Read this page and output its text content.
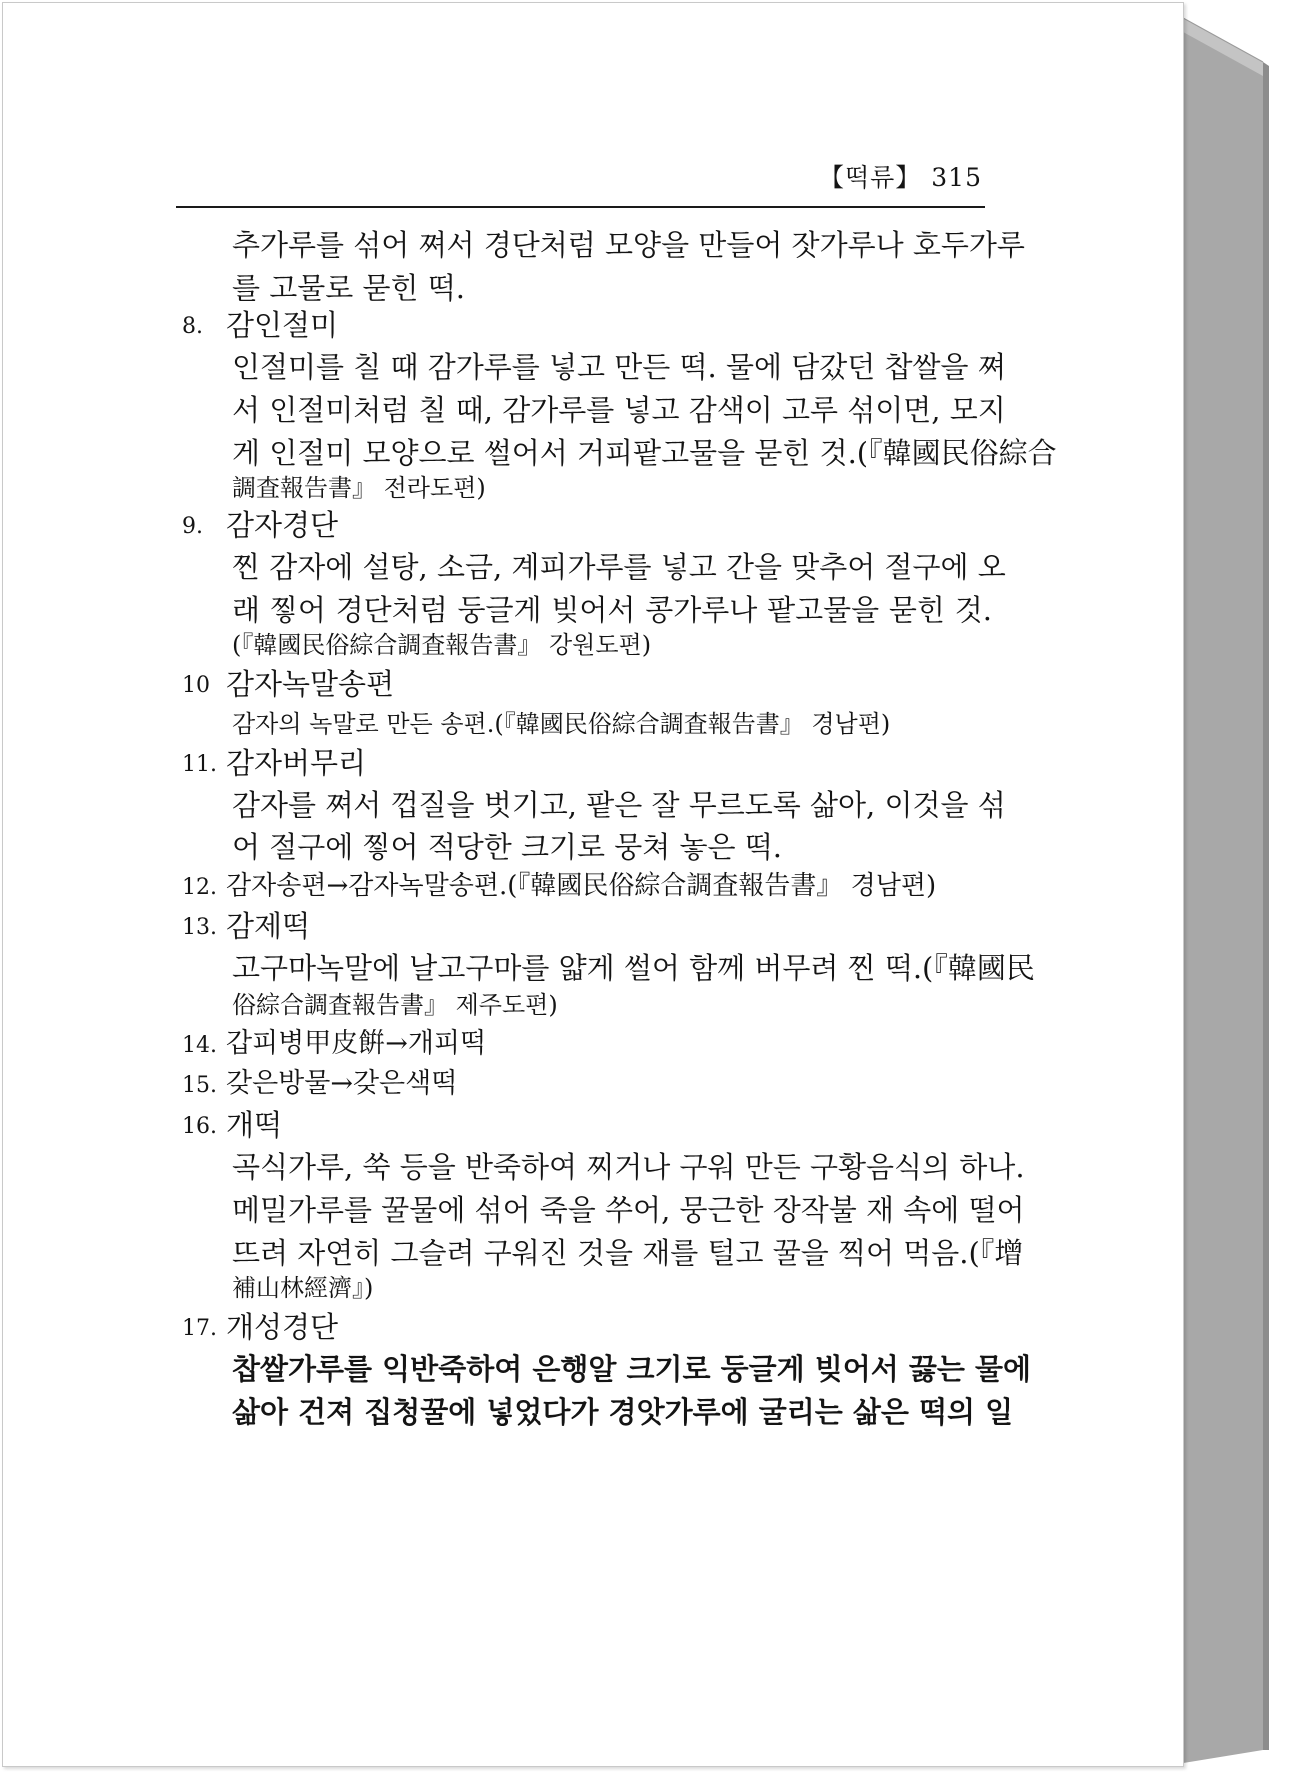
【떡류】 315
추가루를 섞어 쪄서 경단처럼 모양을 만들어 잣가루나 호두가루
를 고물로 묻힌 떡.
8. 감인절미
인절미를 칠 때 감가루를 넣고 만든 떡. 물에 담갔던 찹쌀을 쪄
서 인절미처럼 칠 때, 감가루를 넣고 감색이 고루 섞이면, 모지
게 인절미 모양으로 썰어서 거피팥고물을 묻힌 것.(『韓國民俗綜合
調査報告書』 전라도편)
9. 감자경단
찐 감자에 설탕, 소금, 계피가루를 넣고 간을 맞추어 절구에 오
래 찧어 경단처럼 둥글게 빚어서 콩가루나 팥고물을 묻힌 것.
(『韓國民俗綜合調査報告書』 강원도편)
10 감자녹말송편
감자의 녹말로 만든 송편.(『韓國民俗綜合調査報告書』 경남편)
11. 감자버무리
감자를 쪄서 껍질을 벗기고, 팥은 잘 무르도록 삶아, 이것을 섞
어 절구에 찧어 적당한 크기로 뭉쳐 놓은 떡.
12. 감자송편→감자녹말송편.(『韓國民俗綜合調査報告書』 경남편)
13. 감제떡
고구마녹말에 날고구마를 얇게 썰어 함께 버무려 찐 떡.(『韓國民
俗綜合調査報告書』 제주도편)
14. 갑피병甲皮餠→개피떡
15. 갖은방물→갖은색떡
16. 개떡
곡식가루, 쑥 등을 반죽하여 찌거나 구워 만든 구황음식의 하나.
메밀가루를 꿀물에 섞어 죽을 쑤어, 뭉근한 장작불 재 속에 떨어
뜨려 자연히 그슬려 구워진 것을 재를 털고 꿀을 찍어 먹음.(『增
補山林經濟』)
17. 개성경단
찹쌀가루를 익반죽하여 은행알 크기로 둥글게 빚어서 끓는 물에
삶아 건져 집청꿀에 넣었다가 경앗가루에 굴리는 삶은 떡의 일
